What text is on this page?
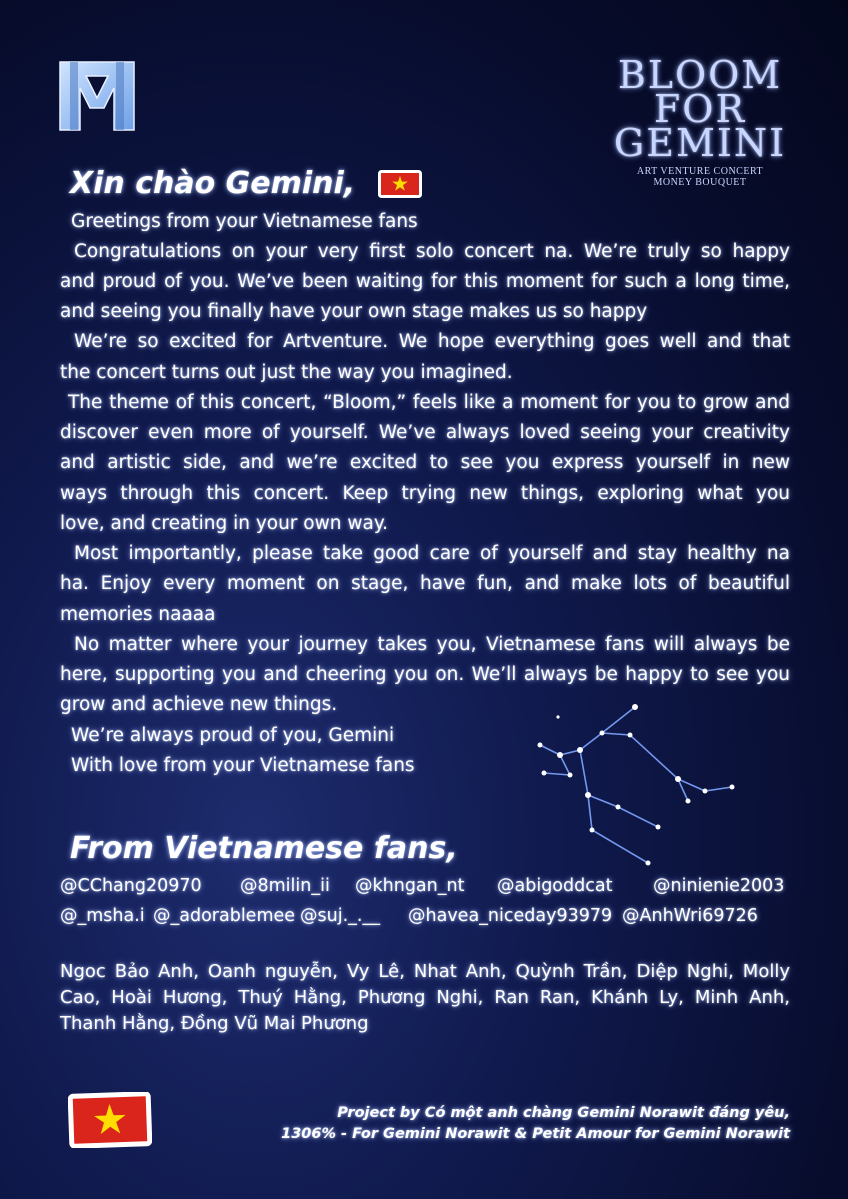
BLOOM
FOR
GEMINI
ART VENTURE CONCERT
MONEY BOUQUET
Xin chào Gemini,
Greetings from your Vietnamese fans
Congratulations on your very first solo concert na. We’re truly so happy
and proud of you. We’ve been waiting for this moment for such a long time,
and seeing you finally have your own stage makes us so happy
We’re so excited for Artventure. We hope everything goes well and that
the concert turns out just the way you imagined.
The theme of this concert, “Bloom,” feels like a moment for you to grow and
discover even more of yourself. We’ve always loved seeing your creativity
and artistic side, and we’re excited to see you express yourself in new
ways through this concert. Keep trying new things, exploring what you
love, and creating in your own way.
Most importantly, please take good care of yourself and stay healthy na
ha. Enjoy every moment on stage, have fun, and make lots of beautiful
memories naaaa
No matter where your journey takes you, Vietnamese fans will always be
here, supporting you and cheering you on. We’ll always be happy to see you
grow and achieve new things.
We’re always proud of you, Gemini
With love from your Vietnamese fans
From Vietnamese fans,
@CChang20970 @8milin_ii @khngan_nt @abigoddcat @ninienie2003
@_msha.i @_adorablemee @suj._.__ @havea_niceday93979 @AnhWri69726
Ngoc Bảo Anh, Oanh nguyễn, Vy Lê, Nhat Anh, Quỳnh Trần, Diệp Nghi, Molly
Cao, Hoài Hương, Thuý Hằng, Phương Nghi, Ran Ran, Khánh Ly, Minh Anh,
Thanh Hằng, Đồng Vũ Mai Phương
Project by Có một anh chàng Gemini Norawit đáng yêu,
1306% - For Gemini Norawit & Petit Amour for Gemini Norawit
